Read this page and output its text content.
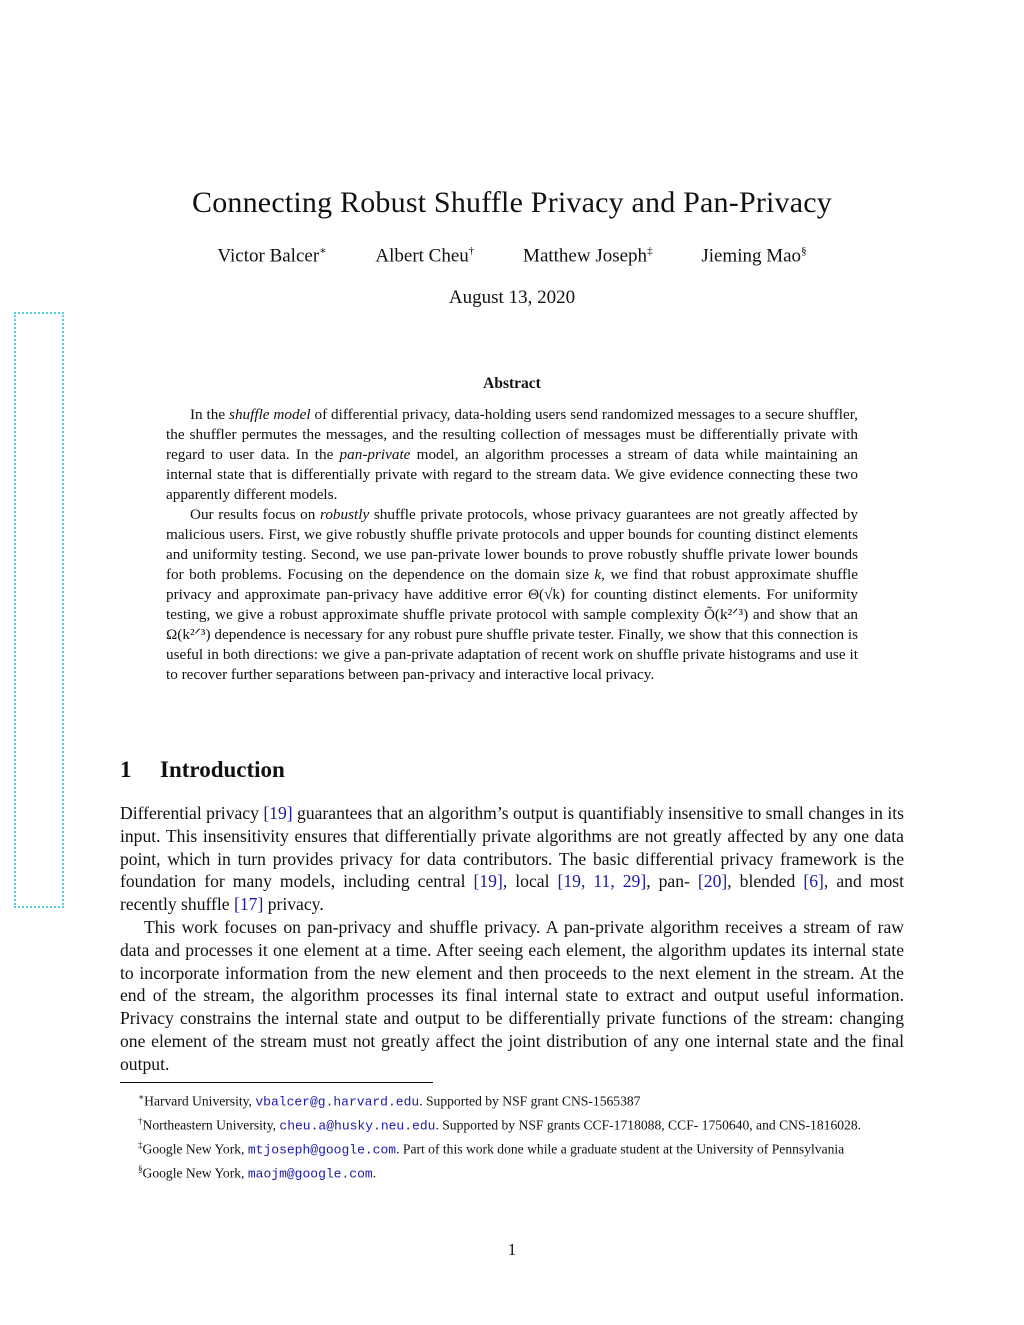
Connecting Robust Shuffle Privacy and Pan-Privacy
Victor Balcer∗	Albert Cheu†	Matthew Joseph‡	Jieming Mao§
August 13, 2020
Abstract

In the shuffle model of differential privacy, data-holding users send randomized messages to a secure shuffler, the shuffler permutes the messages, and the resulting collection of messages must be differentially private with regard to user data. In the pan-private model, an algorithm processes a stream of data while maintaining an internal state that is differentially private with regard to the stream data. We give evidence connecting these two apparently different models.

Our results focus on robustly shuffle private protocols, whose privacy guarantees are not greatly affected by malicious users. First, we give robustly shuffle private protocols and upper bounds for counting distinct elements and uniformity testing. Second, we use pan-private lower bounds to prove robustly shuffle private lower bounds for both problems. Focusing on the dependence on the domain size k, we find that robust approximate shuffle privacy and approximate pan-privacy have additive error Θ(√k) for counting distinct elements. For uniformity testing, we give a robust approximate shuffle private protocol with sample complexity Õ(k²ᐟ³) and show that an Ω(k²ᐟ³) dependence is necessary for any robust pure shuffle private tester. Finally, we show that this connection is useful in both directions: we give a pan-private adaptation of recent work on shuffle private histograms and use it to recover further separations between pan-privacy and interactive local privacy.

1 Introduction

Differential privacy [19] guarantees that an algorithm’s output is quantifiably insensitive to small changes in its input. This insensitivity ensures that differentially private algorithms are not greatly affected by any one data point, which in turn provides privacy for data contributors. The basic differential privacy framework is the foundation for many models, including central [19], local [19, 11, 29], pan- [20], blended [6], and most recently shuffle [17] privacy.

This work focuses on pan-privacy and shuffle privacy. A pan-private algorithm receives a stream of raw data and processes it one element at a time. After seeing each element, the algorithm updates its internal state to incorporate information from the new element and then proceeds to the next element in the stream. At the end of the stream, the algorithm processes its final internal state to extract and output useful information. Privacy constrains the internal state and output to be differentially private functions of the stream: changing one element of the stream must not greatly affect the joint distribution of any one internal state and the final output.

∗Harvard University, vbalcer@g.harvard.edu. Supported by NSF grant CNS-1565387

†Northeastern University, cheu.a@husky.neu.edu. Supported by NSF grants CCF-1718088, CCF- 1750640, and CNS-1816028.

‡Google New York, mtjoseph@google.com. Part of this work done while a graduate student at the University of Pennsylvania

§Google New York, maojm@google.com.

1
